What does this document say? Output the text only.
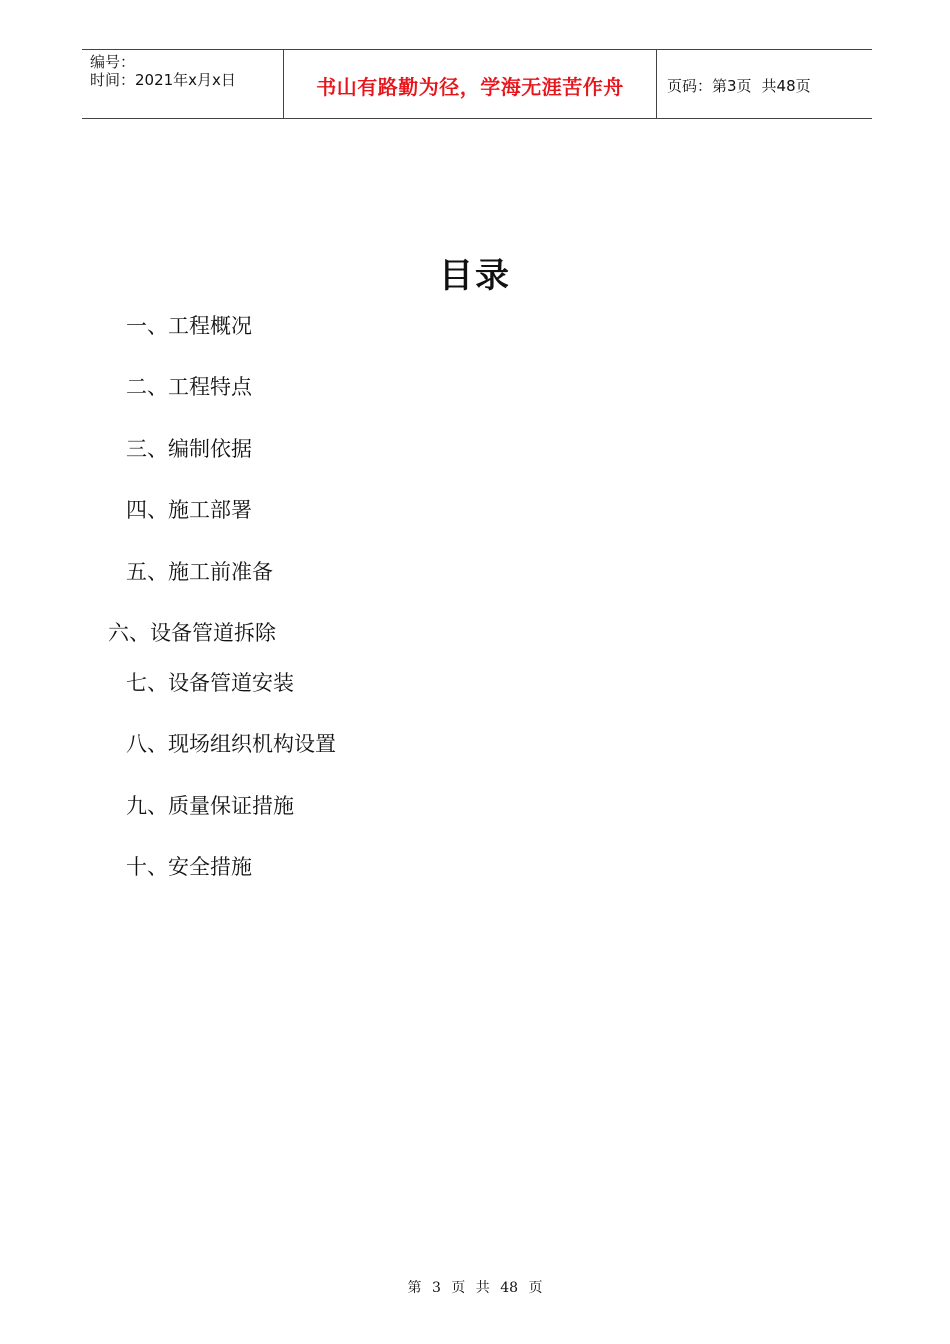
编号：
时间：2021年x月x日	书山有路勤为径，学海无涯苦作舟	页码：第3页 共48页
目录
一、工程概况
二、工程特点
三、编制依据
四、施工部署
五、施工前准备
六、设备管道拆除
七、设备管道安装
八、现场组织机构设置
九、质量保证措施
十、安全措施
第 3 页 共 48 页
